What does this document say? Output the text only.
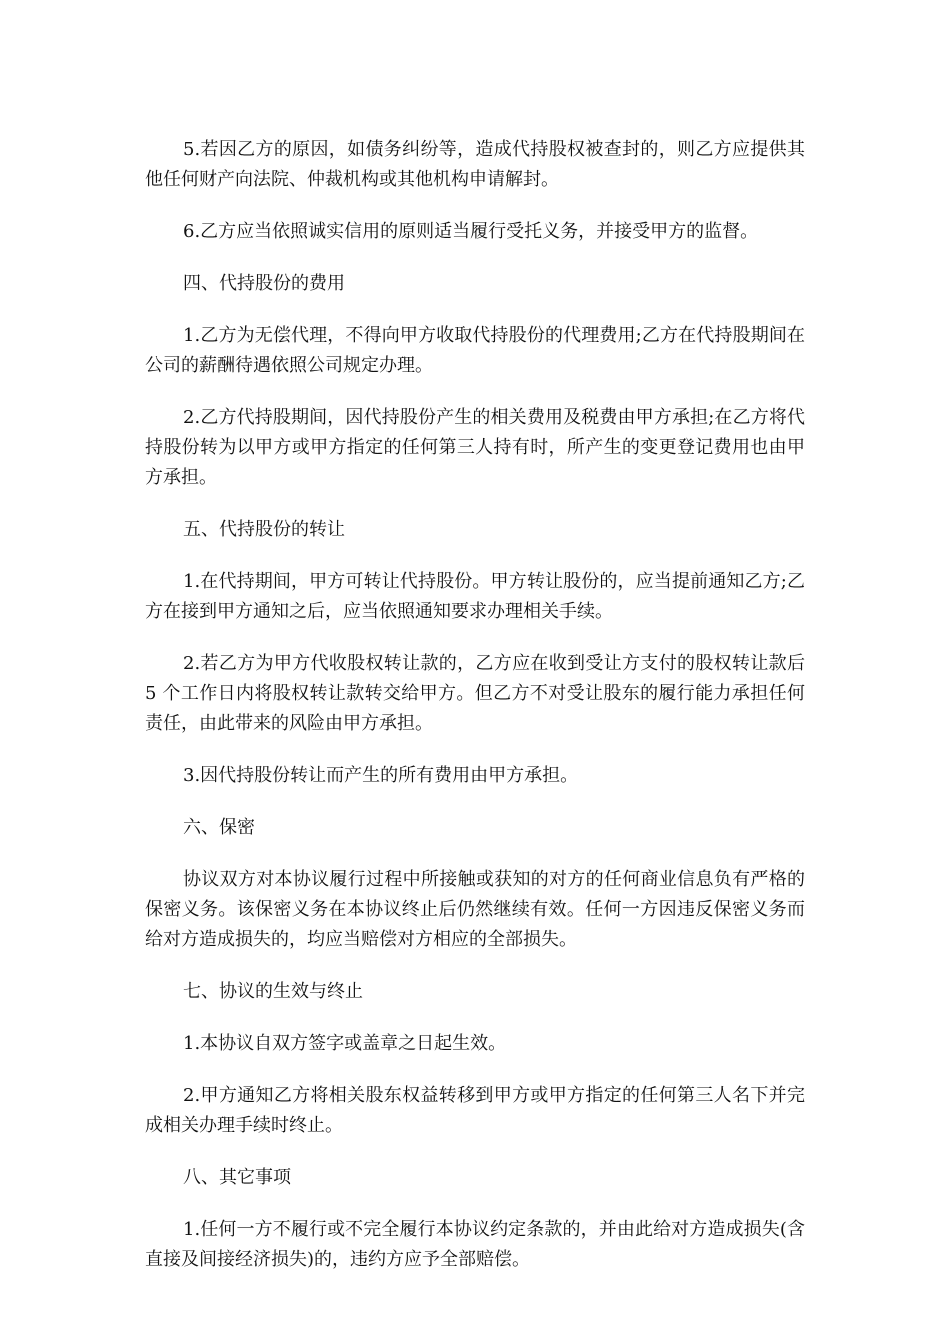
5.若因乙方的原因，如债务纠纷等，造成代持股权被查封的，则乙方应提供其他任何财产向法院、仲裁机构或其他机构申请解封。

6.乙方应当依照诚实信用的原则适当履行受托义务，并接受甲方的监督。

四、代持股份的费用

1.乙方为无偿代理，不得向甲方收取代持股份的代理费用;乙方在代持股期间在公司的薪酬待遇依照公司规定办理。

2.乙方代持股期间，因代持股份产生的相关费用及税费由甲方承担;在乙方将代持股份转为以甲方或甲方指定的任何第三人持有时，所产生的变更登记费用也由甲方承担。

五、代持股份的转让

1.在代持期间，甲方可转让代持股份。甲方转让股份的，应当提前通知乙方;乙方在接到甲方通知之后，应当依照通知要求办理相关手续。

2.若乙方为甲方代收股权转让款的，乙方应在收到受让方支付的股权转让款后 5 个工作日内将股权转让款转交给甲方。但乙方不对受让股东的履行能力承担任何责任，由此带来的风险由甲方承担。

3.因代持股份转让而产生的所有费用由甲方承担。

六、保密

协议双方对本协议履行过程中所接触或获知的对方的任何商业信息负有严格的保密义务。该保密义务在本协议终止后仍然继续有效。任何一方因违反保密义务而给对方造成损失的，均应当赔偿对方相应的全部损失。

七、协议的生效与终止

1.本协议自双方签字或盖章之日起生效。

2.甲方通知乙方将相关股东权益转移到甲方或甲方指定的任何第三人名下并完成相关办理手续时终止。

八、其它事项

1.任何一方不履行或不完全履行本协议约定条款的，并由此给对方造成损失(含直接及间接经济损失)的，违约方应予全部赔偿。
